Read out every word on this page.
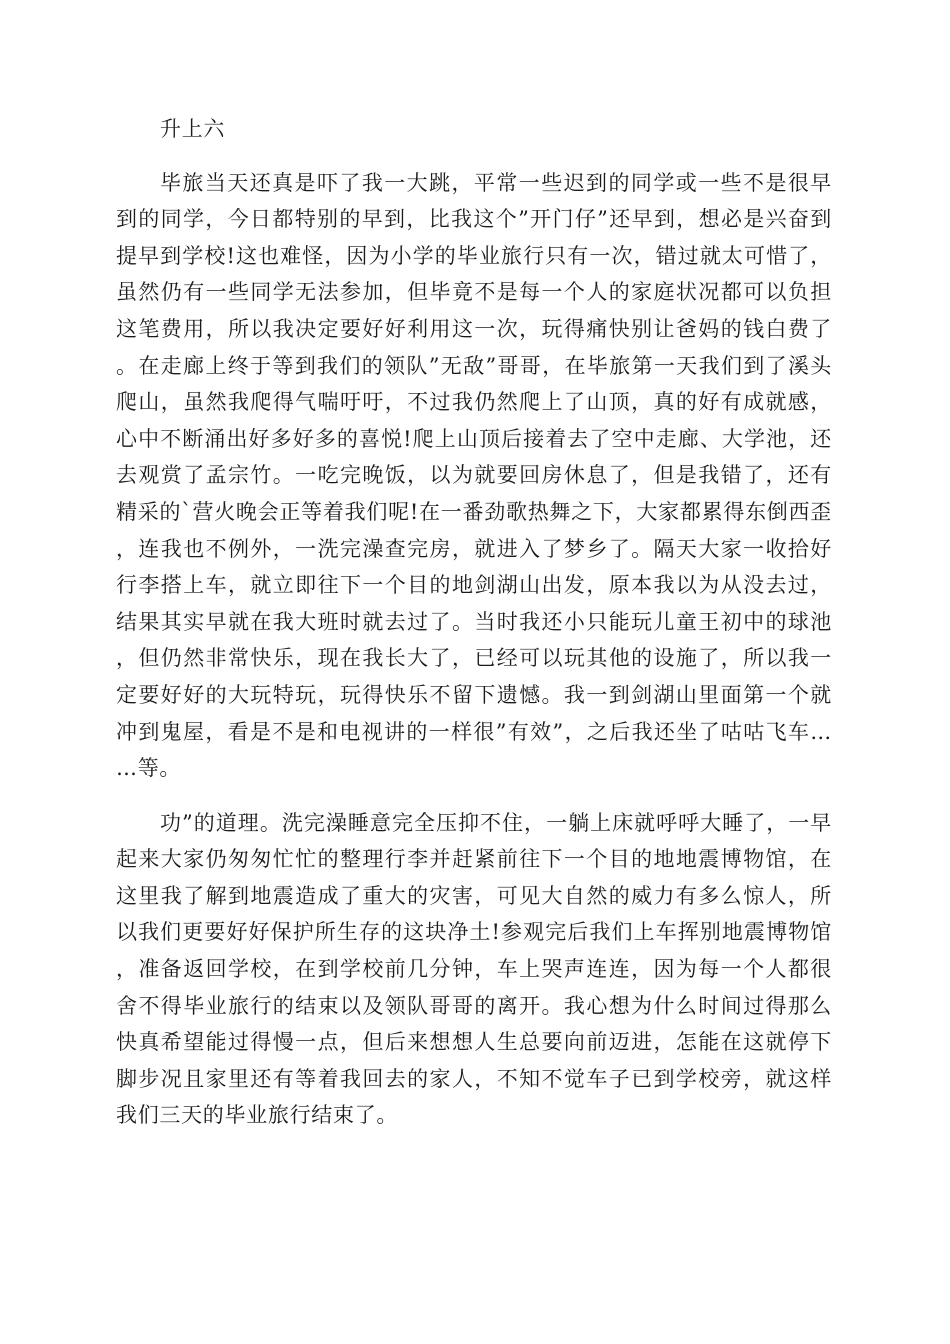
升上六

毕旅当天还真是吓了我一大跳，平常一些迟到的同学或一些不是很早到的同学，今日都特别的早到，比我这个”开门仔”还早到，想必是兴奋到提早到学校!这也难怪，因为小学的毕业旅行只有一次，错过就太可惜了，虽然仍有一些同学无法参加，但毕竟不是每一个人的家庭状况都可以负担这笔费用，所以我决定要好好利用这一次，玩得痛快别让爸妈的钱白费了。在走廊上终于等到我们的领队”无敌”哥哥，在毕旅第一天我们到了溪头爬山，虽然我爬得气喘吁吁，不过我仍然爬上了山顶，真的好有成就感，心中不断涌出好多好多的喜悦!爬上山顶后接着去了空中走廊、大学池，还去观赏了孟宗竹。一吃完晚饭，以为就要回房休息了，但是我错了，还有精采的`营火晚会正等着我们呢!在一番劲歌热舞之下，大家都累得东倒西歪，连我也不例外，一洗完澡查完房，就进入了梦乡了。隔天大家一收拾好行李搭上车，就立即往下一个目的地剑湖山出发，原本我以为从没去过，结果其实早就在我大班时就去过了。当时我还小只能玩儿童王初中的球池，但仍然非常快乐，现在我长大了，已经可以玩其他的设施了，所以我一定要好好的大玩特玩，玩得快乐不留下遗憾。我一到剑湖山里面第一个就冲到鬼屋，看是不是和电视讲的一样很”有效”，之后我还坐了咕咕飞车……等。

功”的道理。洗完澡睡意完全压抑不住，一躺上床就呼呼大睡了，一早起来大家仍匆匆忙忙的整理行李并赶紧前往下一个目的地地震博物馆，在这里我了解到地震造成了重大的灾害，可见大自然的威力有多么惊人，所以我们更要好好保护所生存的这块净土!参观完后我们上车挥别地震博物馆，准备返回学校，在到学校前几分钟，车上哭声连连，因为每一个人都很舍不得毕业旅行的结束以及领队哥哥的离开。我心想为什么时间过得那么快真希望能过得慢一点，但后来想想人生总要向前迈进，怎能在这就停下脚步况且家里还有等着我回去的家人，不知不觉车子已到学校旁，就这样我们三天的毕业旅行结束了。
